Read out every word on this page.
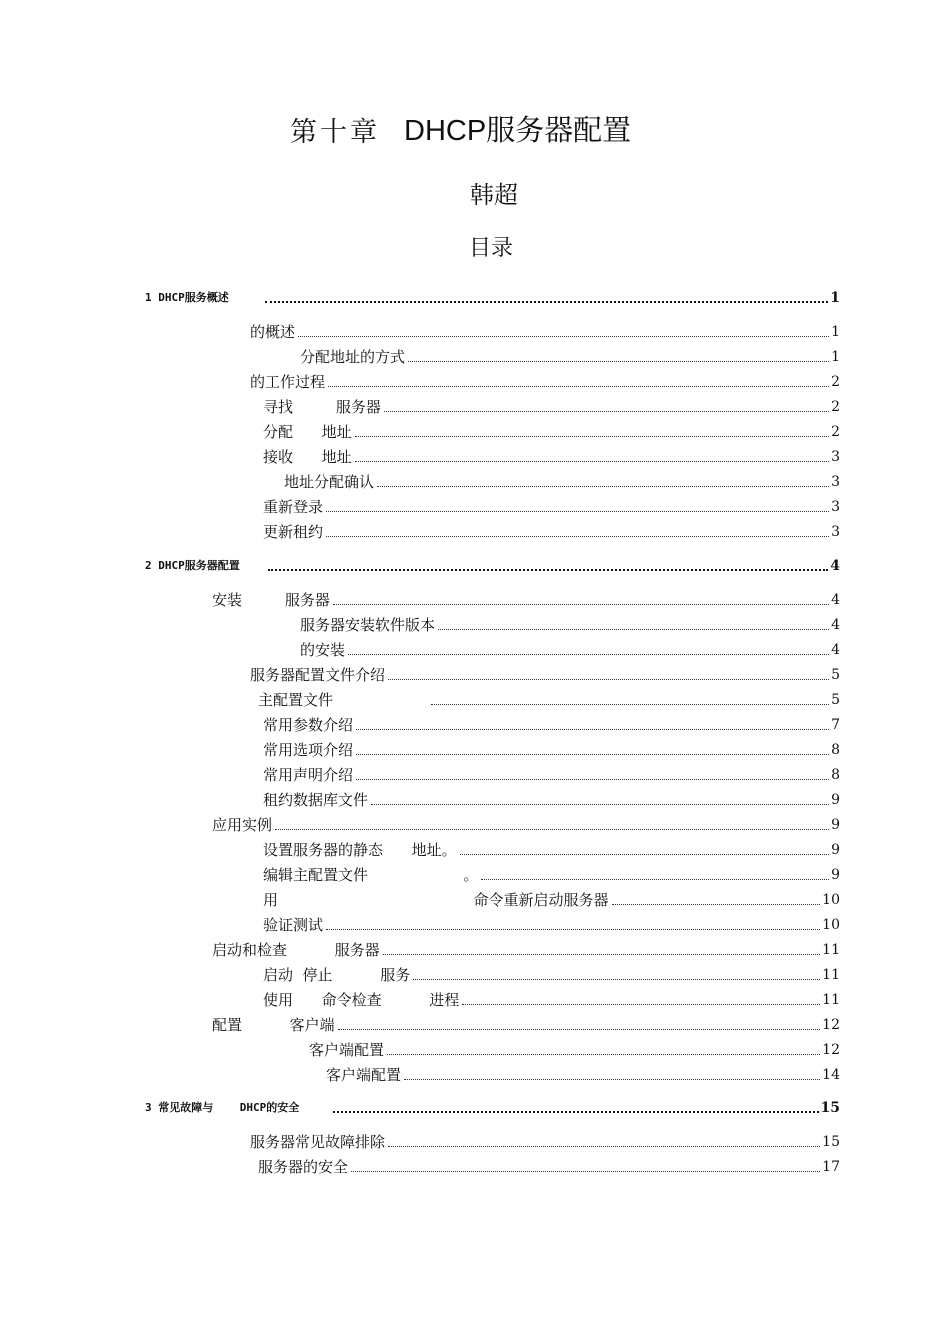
第十章 DHCP服务器配置
韩超
目录
1 DHCP服务概述	1
的概述	1
分配地址的方式	1
的工作过程	2
寻找         服务器	2
分配      地址	2
接收      地址	3
地址分配确认	3
重新登录	3
更新租约	3
2 DHCP服务器配置	4
安装         服务器	4
服务器安装软件版本	4
的安装	4
服务器配置文件介绍	5
主配置文件	5
常用参数介绍	7
常用选项介绍	8
常用声明介绍	8
租约数据库文件	9
应用实例	9
设置服务器的静态      地址。	9
编辑主配置文件                    。	9
用                                         命令重新启动服务器	10
验证测试	10
启动和检查          服务器	11
启动  停止          服务	11
使用      命令检查          进程	11
配置          客户端	12
客户端配置	12
客户端配置	14
3 常见故障与    DHCP的安全	15
服务器常见故障排除	15
服务器的安全	17
